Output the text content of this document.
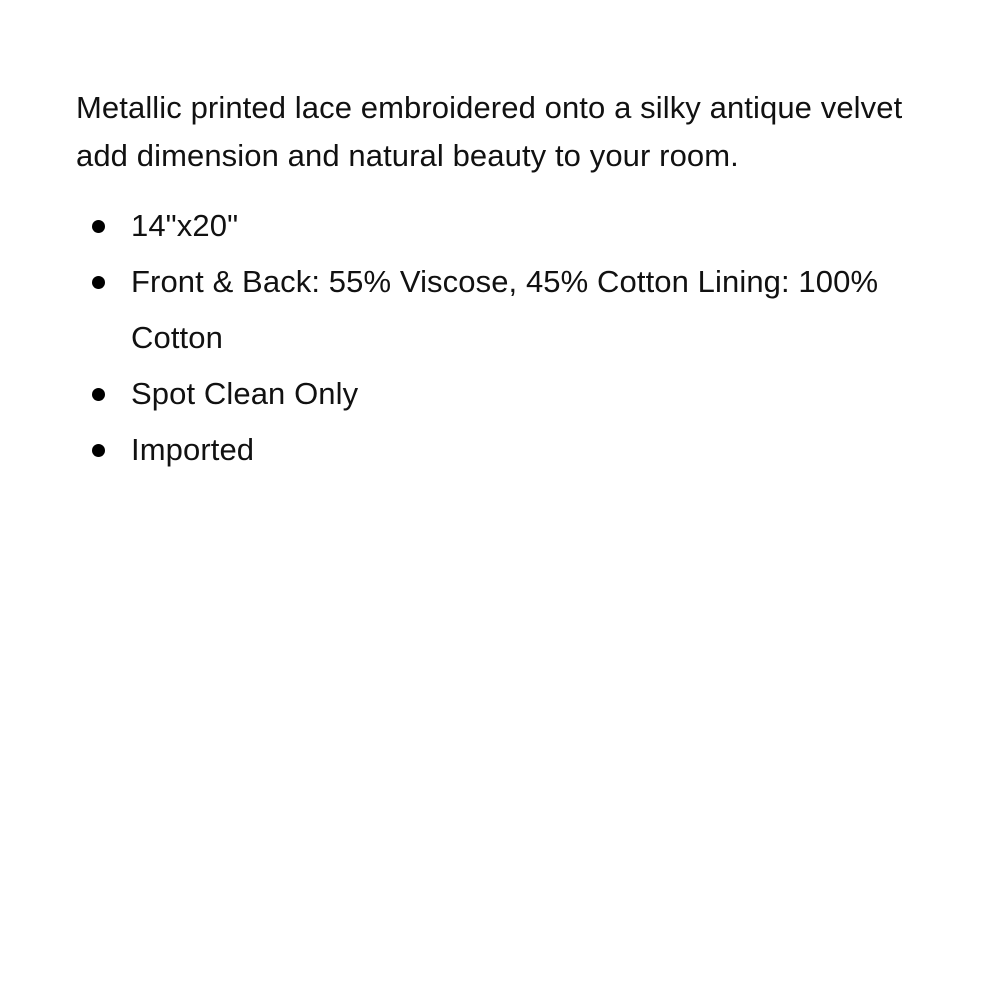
Metallic printed lace embroidered onto a silky antique velvet add dimension and natural beauty to your room.

14"x20"
Front & Back: 55% Viscose, 45% Cotton Lining: 100% Cotton
Spot Clean Only
Imported
